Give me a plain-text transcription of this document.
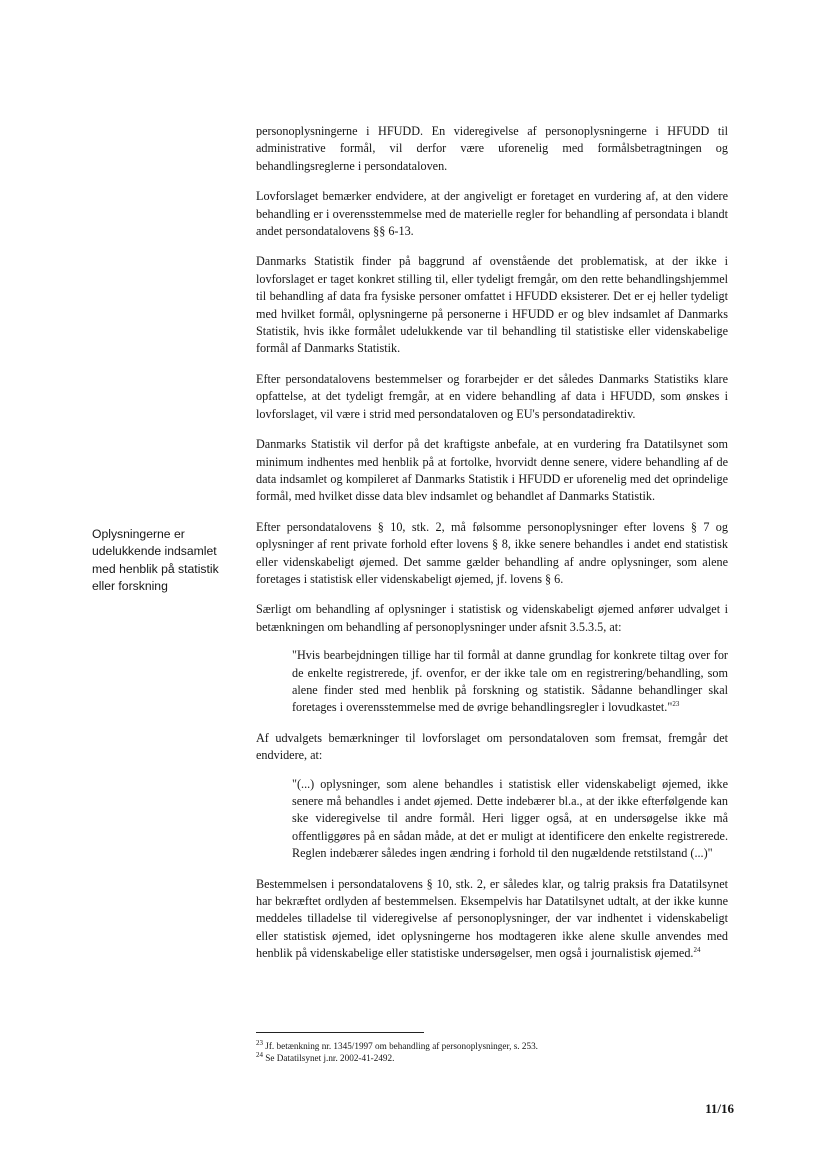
Oplysningerne er udelukkende indsamlet med henblik på statistik eller forskning

personoplysningerne i HFUDD. En videregivelse af personoplysningerne i HFUDD til administrative formål, vil derfor være uforenelig med formålsbetragtningen og behandlingsreglerne i persondataloven.

Lovforslaget bemærker endvidere, at der angiveligt er foretaget en vurdering af, at den videre behandling er i overensstemmelse med de materielle regler for behandling af persondata i blandt andet persondatalovens §§ 6-13.

Danmarks Statistik finder på baggrund af ovenstående det problematisk, at der ikke i lovforslaget er taget konkret stilling til, eller tydeligt fremgår, om den rette behandlingshjemmel til behandling af data fra fysiske personer omfattet i HFUDD eksisterer. Det er ej heller tydeligt med hvilket formål, oplysningerne på personerne i HFUDD er og blev indsamlet af Danmarks Statistik, hvis ikke formålet udelukkende var til behandling til statistiske eller videnskabelige formål af Danmarks Statistik.

Efter persondatalovens bestemmelser og forarbejder er det således Danmarks Statistiks klare opfattelse, at det tydeligt fremgår, at en videre behandling af data i HFUDD, som ønskes i lovforslaget, vil være i strid med persondataloven og EU's persondatadirektiv.

Danmarks Statistik vil derfor på det kraftigste anbefale, at en vurdering fra Datatilsynet som minimum indhentes med henblik på at fortolke, hvorvidt denne senere, videre behandling af de data indsamlet og kompileret af Danmarks Statistik i HFUDD er uforenelig med det oprindelige formål, med hvilket disse data blev indsamlet og behandlet af Danmarks Statistik.

Efter persondatalovens § 10, stk. 2, må følsomme personoplysninger efter lovens § 7 og oplysninger af rent private forhold efter lovens § 8, ikke senere behandles i andet end statistisk eller videnskabeligt øjemed. Det samme gælder behandling af andre oplysninger, som alene foretages i statistisk eller videnskabeligt øjemed, jf. lovens § 6.

Særligt om behandling af oplysninger i statistisk og videnskabeligt øjemed anfører udvalget i betænkningen om behandling af personoplysninger under afsnit 3.5.3.5, at:

"Hvis bearbejdningen tillige har til formål at danne grundlag for konkrete tiltag over for de enkelte registrerede, jf. ovenfor, er der ikke tale om en registrering/behandling, som alene finder sted med henblik på forskning og statistik. Sådanne behandlinger skal foretages i overensstemmelse med de øvrige behandlingsregler i lovudkastet."$^{23}$

Af udvalgets bemærkninger til lovforslaget om persondataloven som fremsat, fremgår det endvidere, at:

"(...) oplysninger, som alene behandles i statistisk eller videnskabeligt øjemed, ikke senere må behandles i andet øjemed. Dette indebærer bl.a., at der ikke efterfølgende kan ske videregivelse til andre formål. Heri ligger også, at en undersøgelse ikke må offentliggøres på en sådan måde, at det er muligt at identificere den enkelte registrerede. Reglen indebærer således ingen ændring i forhold til den nugældende retstilstand (...)"

Bestemmelsen i persondatalovens § 10, stk. 2, er således klar, og talrig praksis fra Datatilsynet har bekræftet ordlyden af bestemmelsen. Eksempelvis har Datatilsynet udtalt, at der ikke kunne meddeles tilladelse til videregivelse af personoplysninger, der var indhentet i videnskabeligt eller statistisk øjemed, idet oplysningerne hos modtageren ikke alene skulle anvendes med henblik på videnskabelige eller statistiske undersøgelser, men også i journalistisk øjemed.$^{24}$

$^{23}$ Jf. betænkning nr. 1345/1997 om behandling af personoplysninger, s. 253.

$^{24}$ Se Datatilsynet j.nr. 2002-41-2492.

11/16
